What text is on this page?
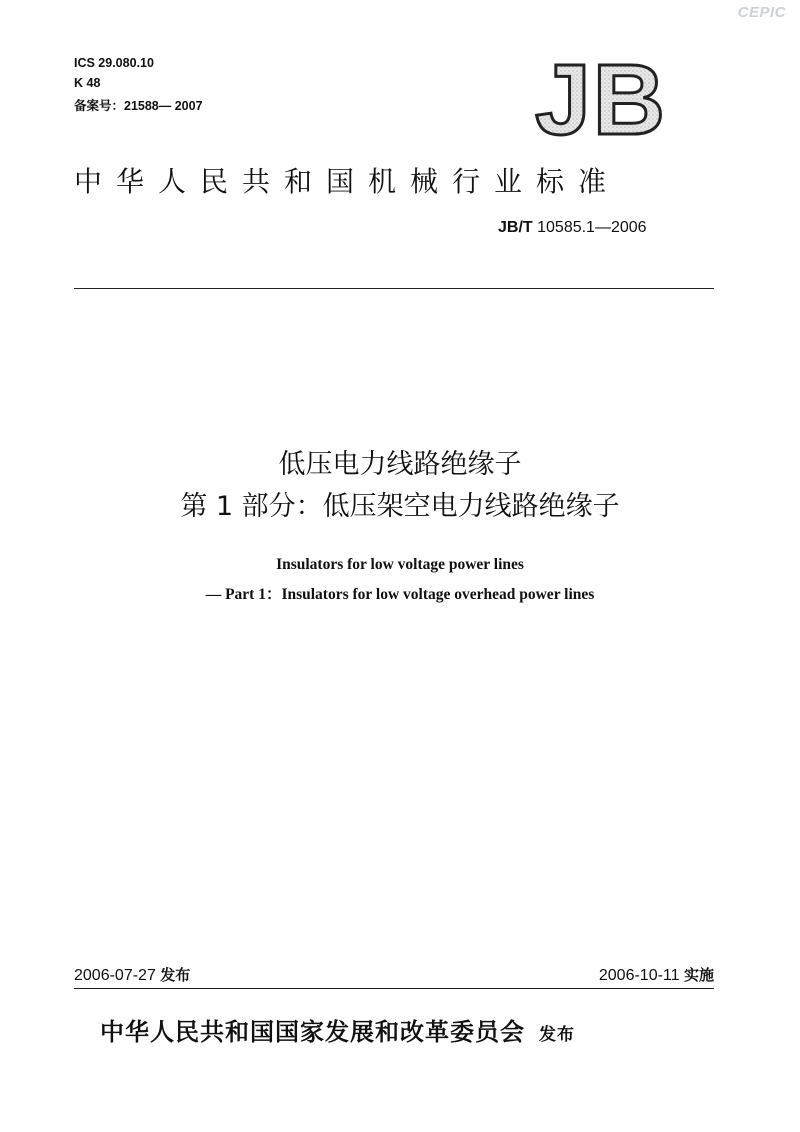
CEPIC
ICS 29.080.10
K 48
备案号：21588— 2007	JB
中华人民共和国机械行业标准
JB/T 10585.1—2006
低压电力线路绝缘子
第 1 部分：低压架空电力线路绝缘子
Insulators for low voltage power lines
— Part 1：Insulators for low voltage overhead power lines
2006-07-27 发布	2006-10-11 实施
中华人民共和国国家发展和改革委员会 发布
